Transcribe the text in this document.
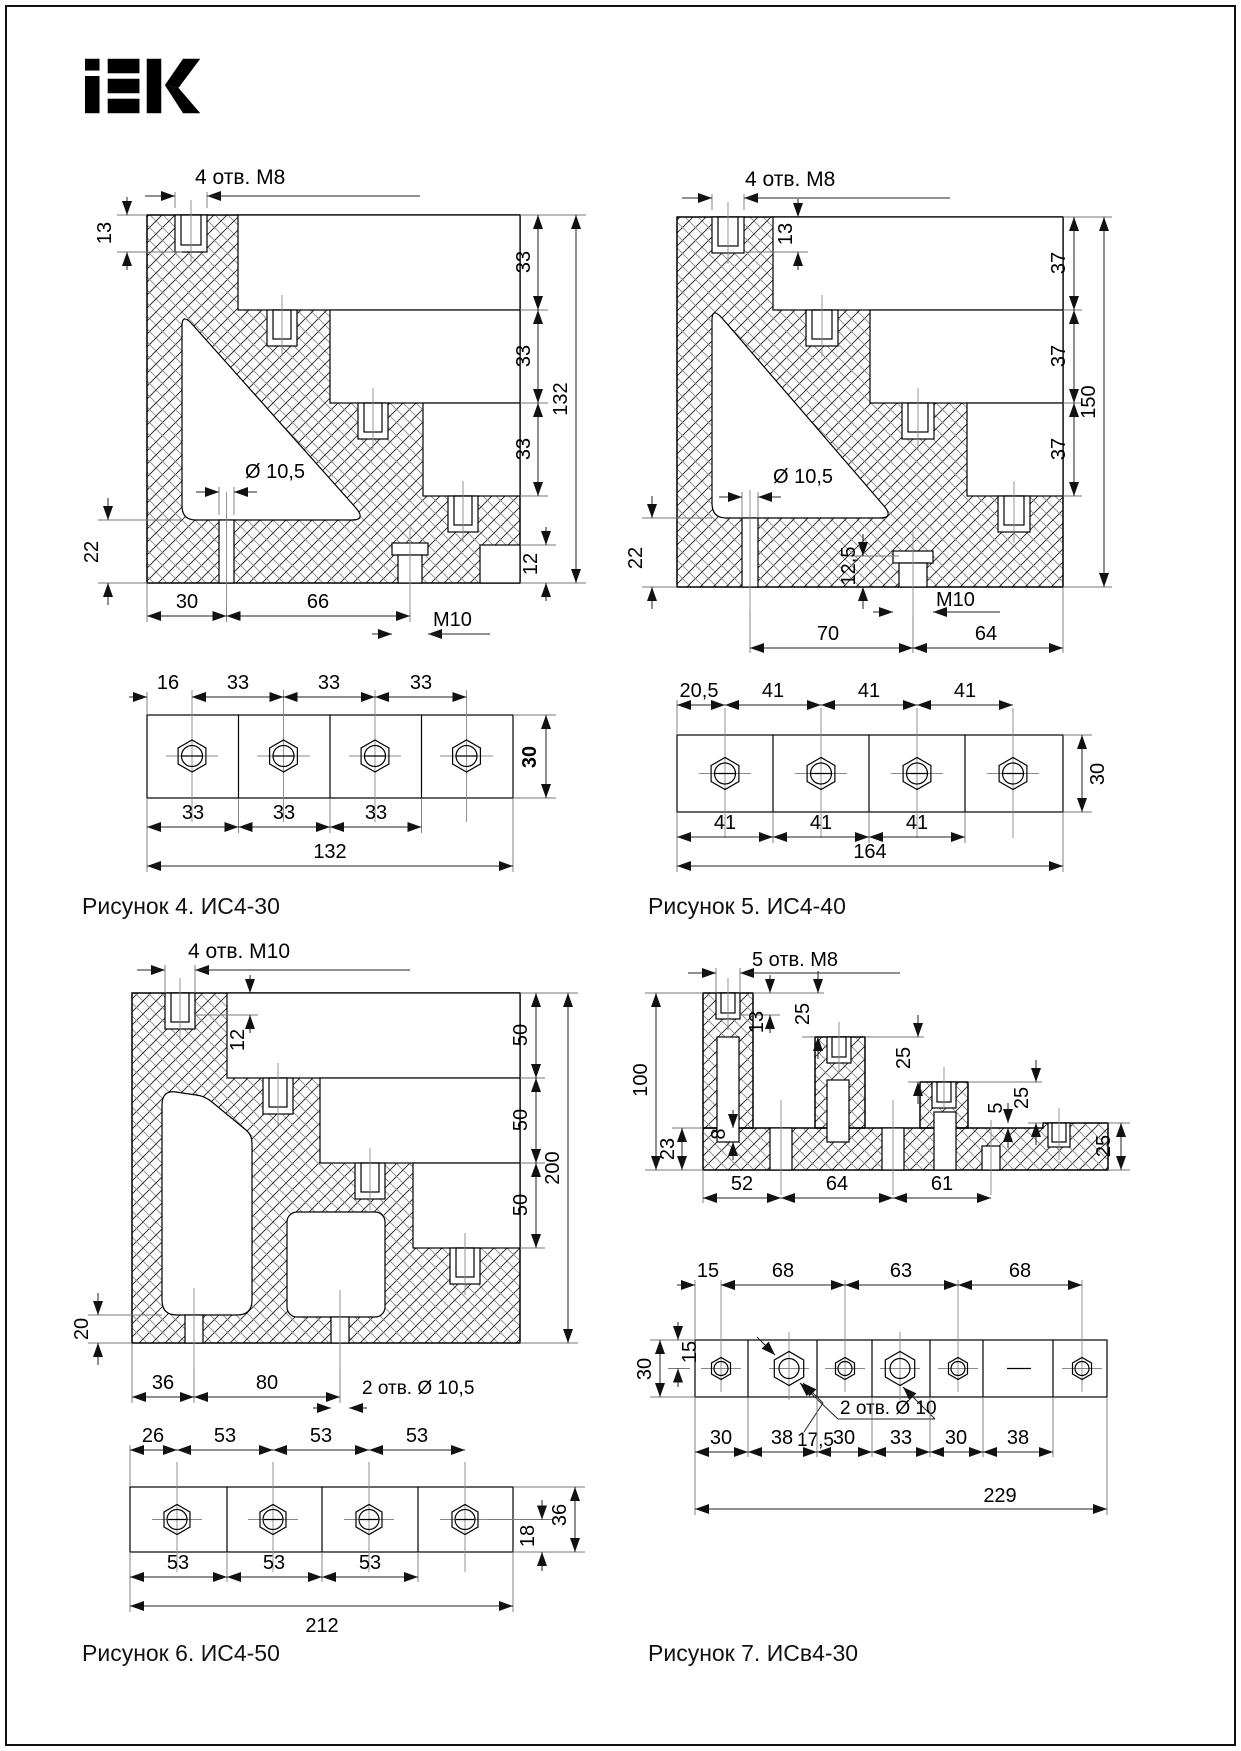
4 отв. М8
13
33
33
33
132
22
Ø 10,5
30	66
M10
12
16 33	33	33
33	33	33
132
30
Рисунок 4. ИС4-30
4 отв. М8
13
37
37
37
150
22
Ø 10,5
12,5
M10
70	64
20,5 41	41	41
41	41	41
164
30
Рисунок 5. ИС4-40
4 отв. М10
12	50
50
50
200
20
36	80	2 отв. Ø 10,5
26 53	53	53
53	53	53
212
18
36
Рисунок 6. ИС4-50
5 отв. М8
100
23
13 25
25
25
5
8
25
52	64	61
15	68	63	68
30
15
2 отв. Ø 10
17,5
30 38 30 33 30 38
229
Рисунок 7. ИСв4-30
